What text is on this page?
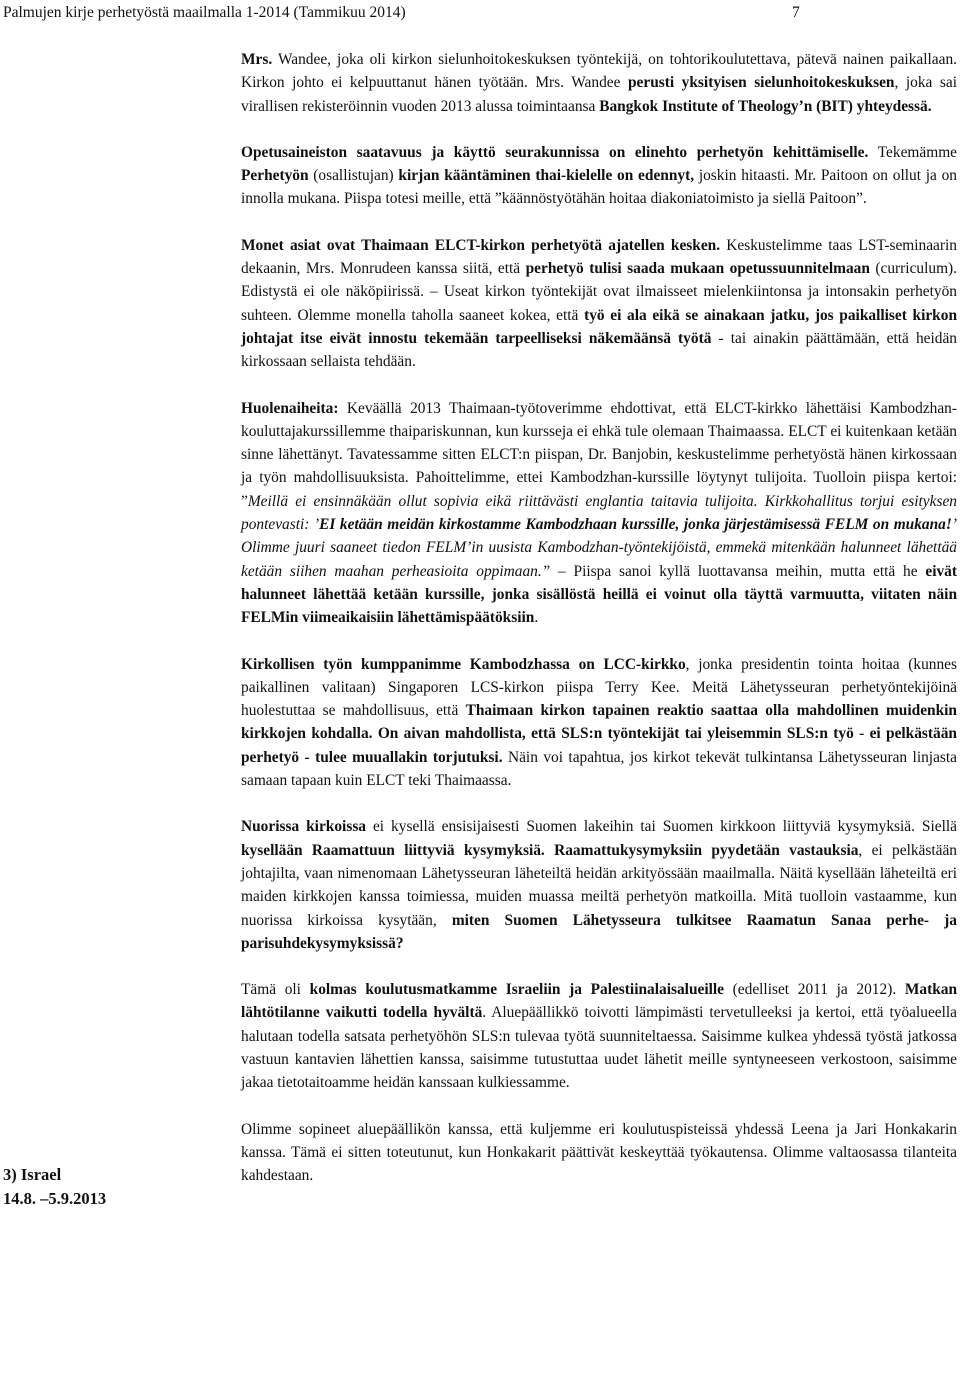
Palmujen kirje perhetyöstä maailmalla 1-2014 (Tammikuu 2014)	7
3) Israel
14.8. –5.9.2013

Mrs. Wandee, joka oli kirkon sielunhoitokeskuksen työntekijä, on tohtorikoulutettava, pätevä nainen paikallaan. Kirkon johto ei kelpuuttanut hänen työtään. Mrs. Wandee perusti yksityisen sielunhoitokeskuksen, joka sai virallisen rekisteröinnin vuoden 2013 alussa toimintaansa Bangkok Institute of Theology’n (BIT) yhteydessä.

Opetusaineiston saatavuus ja käyttö seurakunnissa on elinehto perhetyön kehittämiselle. Tekemämme Perhetyön (osallistujan) kirjan kääntäminen thai-kielelle on edennyt, joskin hitaasti. Mr. Paitoon on ollut ja on innolla mukana. Piispa totesi meille, että ”käännöstyötähän hoitaa diakoniatoimisto ja siellä Paitoon”.

Monet asiat ovat Thaimaan ELCT-kirkon perhetyötä ajatellen kesken. Keskustelimme taas LST-seminaarin dekaanin, Mrs. Monrudeen kanssa siitä, että perhetyö tulisi saada mukaan opetussuunnitelmaan (curriculum). Edistystä ei ole näköpiirissä. – Useat kirkon työntekijät ovat ilmaisseet mielenkiintonsa ja intonsakin perhetyön suhteen. Olemme monella taholla saaneet kokea, että työ ei ala eikä se ainakaan jatku, jos paikalliset kirkon johtajat itse eivät innostu tekemään tarpeelliseksi näkemäänsä työtä - tai ainakin päättämään, että heidän kirkossaan sellaista tehdään.

Huolenaiheita: Keväällä 2013 Thaimaan-työtoverimme ehdottivat, että ELCT-kirkko lähettäisi Kambodzhan-kouluttajakurssillemme thaipariskunnan, kun kursseja ei ehkä tule olemaan Thaimaassa. ELCT ei kuitenkaan ketään sinne lähettänyt. Tavatessamme sitten ELCT:n piispan, Dr. Banjobin, keskustelimme perhetyöstä hänen kirkossaan ja työn mahdollisuuksista. Pahoittelimme, ettei Kambodzhan-kurssille löytynyt tulijoita. Tuolloin piispa kertoi: ”Meillä ei ensinnäkään ollut sopivia eikä riittävästi englantia taitavia tulijoita. Kirkkohallitus torjui esityksen pontevasti: ’EI ketään meidän kirkostamme Kambodzhaan kurssille, jonka järjestämisessä FELM on mukana!’ Olimme juuri saaneet tiedon FELM’in uusista Kambodzhan-työntekijöistä, emmekä mitenkään halunneet lähettää ketään siihen maahan perheasioita oppimaan.” – Piispa sanoi kyllä luottavansa meihin, mutta että he eivät halunneet lähettää ketään kurssille, jonka sisällöstä heillä ei voinut olla täyttä varmuutta, viitaten näin FELMin viimeaikaisiin lähettämispäätöksiin.

Kirkollisen työn kumppanimme Kambodzhassa on LCC-kirkko, jonka presidentin tointa hoitaa (kunnes paikallinen valitaan) Singaporen LCS-kirkon piispa Terry Kee. Meitä Lähetysseuran perhetyöntekijöinä huolestuttaa se mahdollisuus, että Thaimaan kirkon tapainen reaktio saattaa olla mahdollinen muidenkin kirkkojen kohdalla. On aivan mahdollista, että SLS:n työntekijät tai yleisemmin SLS:n työ - ei pelkästään perhetyö - tulee muuallakin torjutuksi. Näin voi tapahtua, jos kirkot tekevät tulkintansa Lähetysseuran linjasta samaan tapaan kuin ELCT teki Thaimaassa.

Nuorissa kirkoissa ei kysellä ensisijaisesti Suomen lakeihin tai Suomen kirkkoon liittyviä kysymyksiä. Siellä kysellään Raamattuun liittyviä kysymyksiä. Raamattukysymyksiin pyydetään vastauksia, ei pelkästään johtajilta, vaan nimenomaan Lähetysseuran läheteiltä heidän arkityössään maailmalla. Näitä kysellään läheteiltä eri maiden kirkkojen kanssa toimiessa, muiden muassa meiltä perhetyön matkoilla. Mitä tuolloin vastaamme, kun nuorissa kirkoissa kysytään, miten Suomen Lähetysseura tulkitsee Raamatun Sanaa perhe- ja parisuhdekysymyksissä?

Tämä oli kolmas koulutusmatkamme Israeliin ja Palestiinalaisalueille (edelliset 2011 ja 2012). Matkan lähtötilanne vaikutti todella hyvältä. Aluepäällikkö toivotti lämpimästi tervetulleeksi ja kertoi, että työalueella halutaan todella satsata perhetyöhön SLS:n tulevaa työtä suunniteltaessa. Saisimme kulkea yhdessä työstä jatkossa vastuun kantavien lähettien kanssa, saisimme tutustuttaa uudet lähetit meille syntyneeseen verkostoon, saisimme jakaa tietotaitoamme heidän kanssaan kulkiessamme.

Olimme sopineet aluepäällikön kanssa, että kuljemme eri koulutuspisteissä yhdessä Leena ja Jari Honkakarin kanssa. Tämä ei sitten toteutunut, kun Honkakarit päättivät keskeyttää työkautensa. Olimme valtaosassa tilanteita kahdestaan.
